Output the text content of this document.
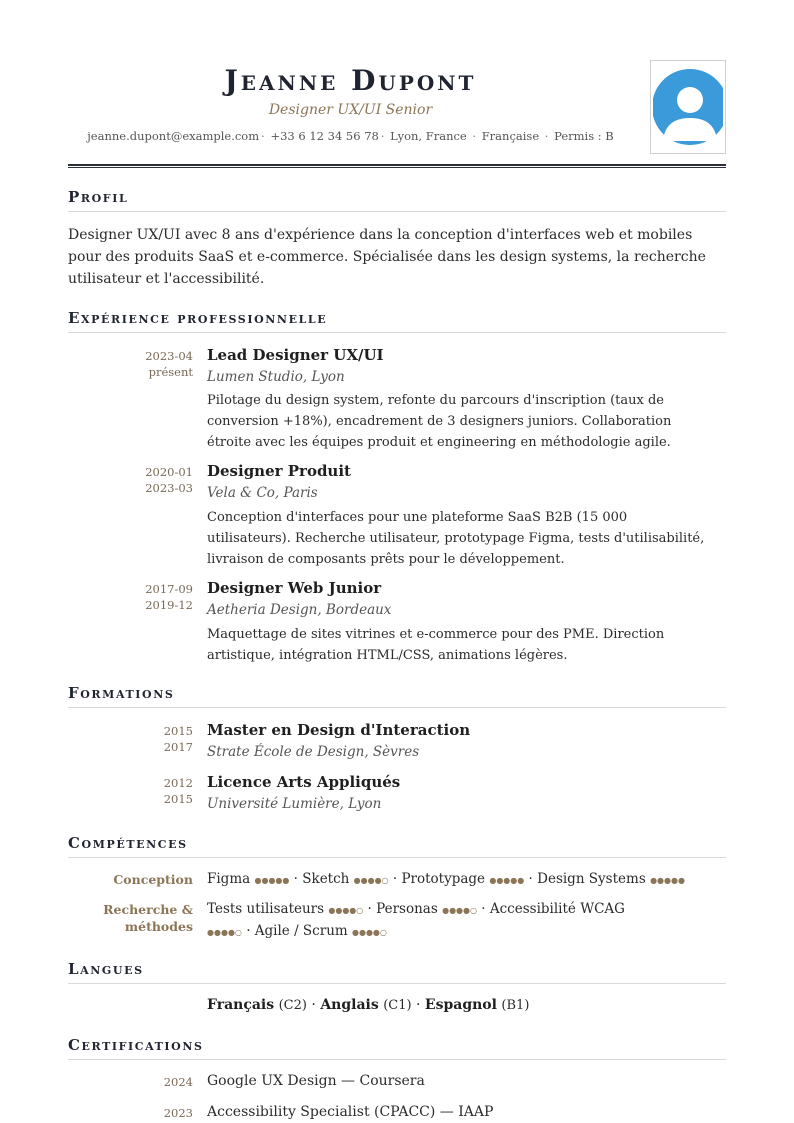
Jeanne Dupont
Designer UX/UI Senior
jeanne.dupont@example.com · +33 6 12 34 56 78 · Lyon, France · Française · Permis : B
Profil
Designer UX/UI avec 8 ans d'expérience dans la conception d'interfaces web et mobiles pour des produits SaaS et e-commerce. Spécialisée dans les design systems, la recherche utilisateur et l'accessibilité.
Expérience professionnelle
2023-04
présent
Lead Designer UX/UI
Lumen Studio, Lyon
Pilotage du design system, refonte du parcours d'inscription (taux de conversion +18%), encadrement de 3 designers juniors. Collaboration étroite avec les équipes produit et engineering en méthodologie agile.
2020-01
2023-03
Designer Produit
Vela & Co, Paris
Conception d'interfaces pour une plateforme SaaS B2B (15 000 utilisateurs). Recherche utilisateur, prototypage Figma, tests d'utilisabilité, livraison de composants prêts pour le développement.
2017-09
2019-12
Designer Web Junior
Aetheria Design, Bordeaux
Maquettage de sites vitrines et e-commerce pour des PME. Direction artistique, intégration HTML/CSS, animations légères.
Formations
2015
2017
Master en Design d'Interaction
Strate École de Design, Sèvres
2012
2015
Licence Arts Appliqués
Université Lumière, Lyon
Compétences
Conception Figma ●●●●● · Sketch ●●●●○ · Prototypage ●●●●● · Design Systems ●●●●●
Recherche & méthodes
Tests utilisateurs ●●●●○ · Personas ●●●●○ · Accessibilité WCAG ●●●●○ · Agile / Scrum ●●●●○
Langues
Français (C2) · Anglais (C1) · Espagnol (B1)
Certifications
2024 Google UX Design — Coursera
2023 Accessibility Specialist (CPACC) — IAAP
